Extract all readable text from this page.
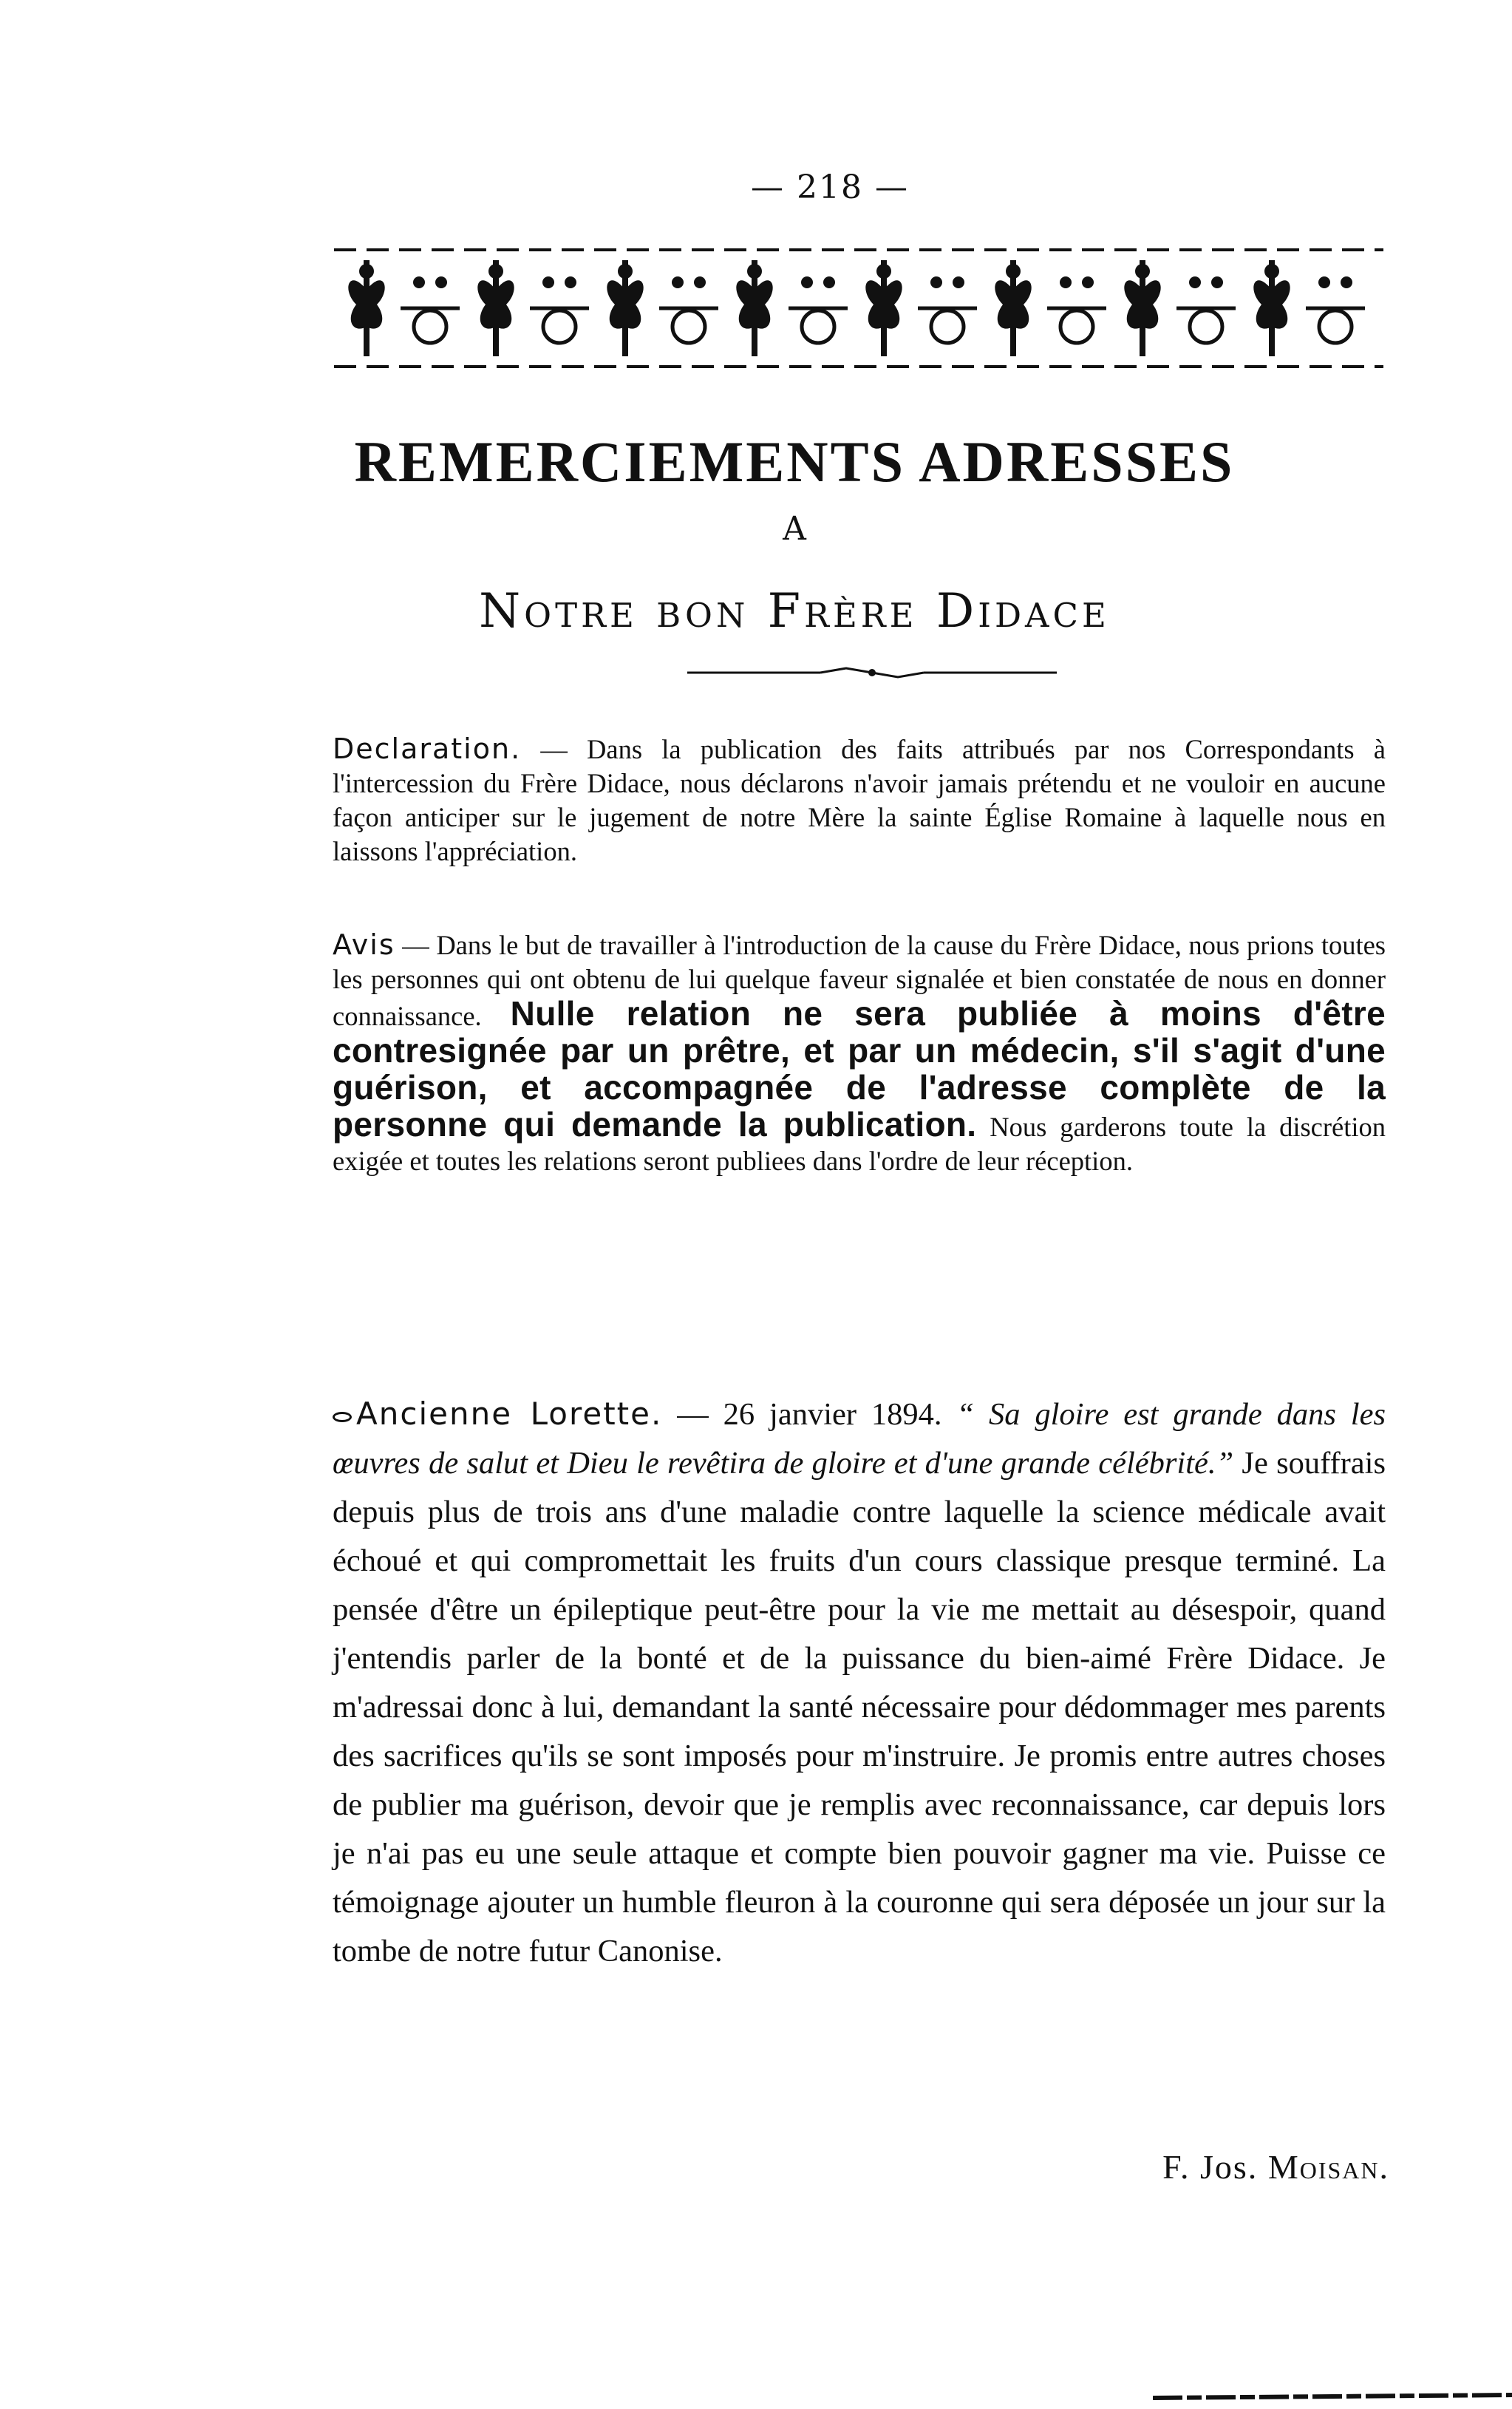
— 218 —
REMERCIEMENTS ADRESSES
A
Notre bon Frère Didace
Declaration. — Dans la publication des faits attribués par nos Correspondants à l'intercession du Frère Didace, nous déclarons n'avoir jamais prétendu et ne vouloir en aucune façon anticiper sur le jugement de notre Mère la sainte Église Romaine à laquelle nous en laissons l'appréciation.
Avis — Dans le but de travailler à l'introduction de la cause du Frère Didace, nous prions toutes les personnes qui ont obtenu de lui quelque faveur signalée et bien constatée de nous en donner connaissance. Nulle relation ne sera publiée à moins d'être contresignée par un prêtre, et par un médecin, s'il s'agit d'une guérison, et accompagnée de l'adresse complète de la personne qui demande la publication. Nous garderons toute la discrétion exigée et toutes les relations seront publiees dans l'ordre de leur réception.
Ancienne Lorette. — 26 janvier 1894. “ Sa gloire est grande dans les œuvres de salut et Dieu le revêtira de gloire et d'une grande célébrité.” Je souffrais depuis plus de trois ans d'une maladie contre laquelle la science médicale avait échoué et qui compromettait les fruits d'un cours classique presque terminé. La pensée d'être un épileptique peut-être pour la vie me mettait au désespoir, quand j'entendis parler de la bonté et de la puissance du bien-aimé Frère Didace. Je m'adressai donc à lui, demandant la santé nécessaire pour dédommager mes parents des sacrifices qu'ils se sont imposés pour m'instruire. Je promis entre autres choses de publier ma guérison, devoir que je remplis avec reconnaissance, car depuis lors je n'ai pas eu une seule attaque et compte bien pouvoir gagner ma vie. Puisse ce témoignage ajouter un humble fleuron à la couronne qui sera déposée un jour sur la tombe de notre futur Canonise.
F. Jos. Moisan.
